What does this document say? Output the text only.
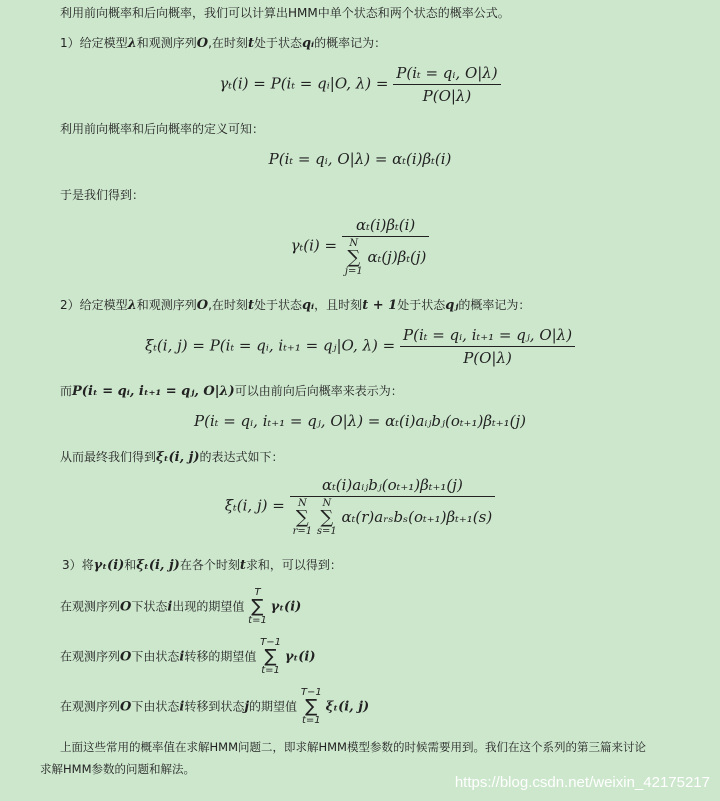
利用前向概率和后向概率，我们可以计算出HMM中单个状态和两个状态的概率公式。
1）给定模型λ和观测序列O,在时刻t处于状态qᵢ的概率记为：
γₜ(i) = P(iₜ = qᵢ|O, $\lambda) = \frac{\text{P(iₜ = qᵢ, O|λ)}}{P(O|\lambda)}$
利用前向概率和后向概率的定义可知：
P(iₜ = qᵢ, O|λ) = αₜ(i)βₜ(i)
于是我们得到：
γₜ(i) = αₜ(i)βₜ(i)
N
∑
j=1
αₜ(j)βₜ(j)
2）给定模型λ和观测序列O,在时刻t处于状态qᵢ，且时刻t + 1处于状态qⱼ的概率记为：
ξₜ(i, j) = P(iₜ = qᵢ, iₜ₊₁ = qⱼ|O, $\lambda) = \frac{\text{P(iₜ = qᵢ, iₜ₊₁ = qⱼ, O|λ)}}{P(O|\lambda)}$
而P(iₜ = qᵢ, iₜ₊₁ = qⱼ, O|λ)可以由前向后向概率来表示为：
P(iₜ = qᵢ, iₜ₊₁ = qⱼ, O|λ) = αₜ(i)aᵢⱼbⱼ(oₜ₊₁)βₜ₊₁(j)
从而最终我们得到ξₜ(i, j)的表达式如下：
ξₜ(i, j) =
αₜ(i)aᵢⱼbⱼ(oₜ₊₁)βₜ₊₁(j)
N
∑
r=1

N
∑
s=1
αₜ(r)aᵣₛbₛ(oₜ₊₁)βₜ₊₁(s)
3）将γₜ(i)和ξₜ(i, j)在各个时刻t求和，可以得到：
在观测序列O下状态i出现的期望值
T
∑
t=1
γₜ(i)
在观测序列O下由状态i转移的期望值
T−1
∑
t=1
γₜ(i)
在观测序列O下由状态i转移到状态j的期望值
T−1
∑
t=1
ξₜ(i, j)
上面这些常用的概率值在求解HMM问题二，即求解HMM模型参数的时候需要用到。我们在这个系列的第三篇来讨论
求解HMM参数的问题和解法。
https://blog.csdn.net/weixin_42175217
